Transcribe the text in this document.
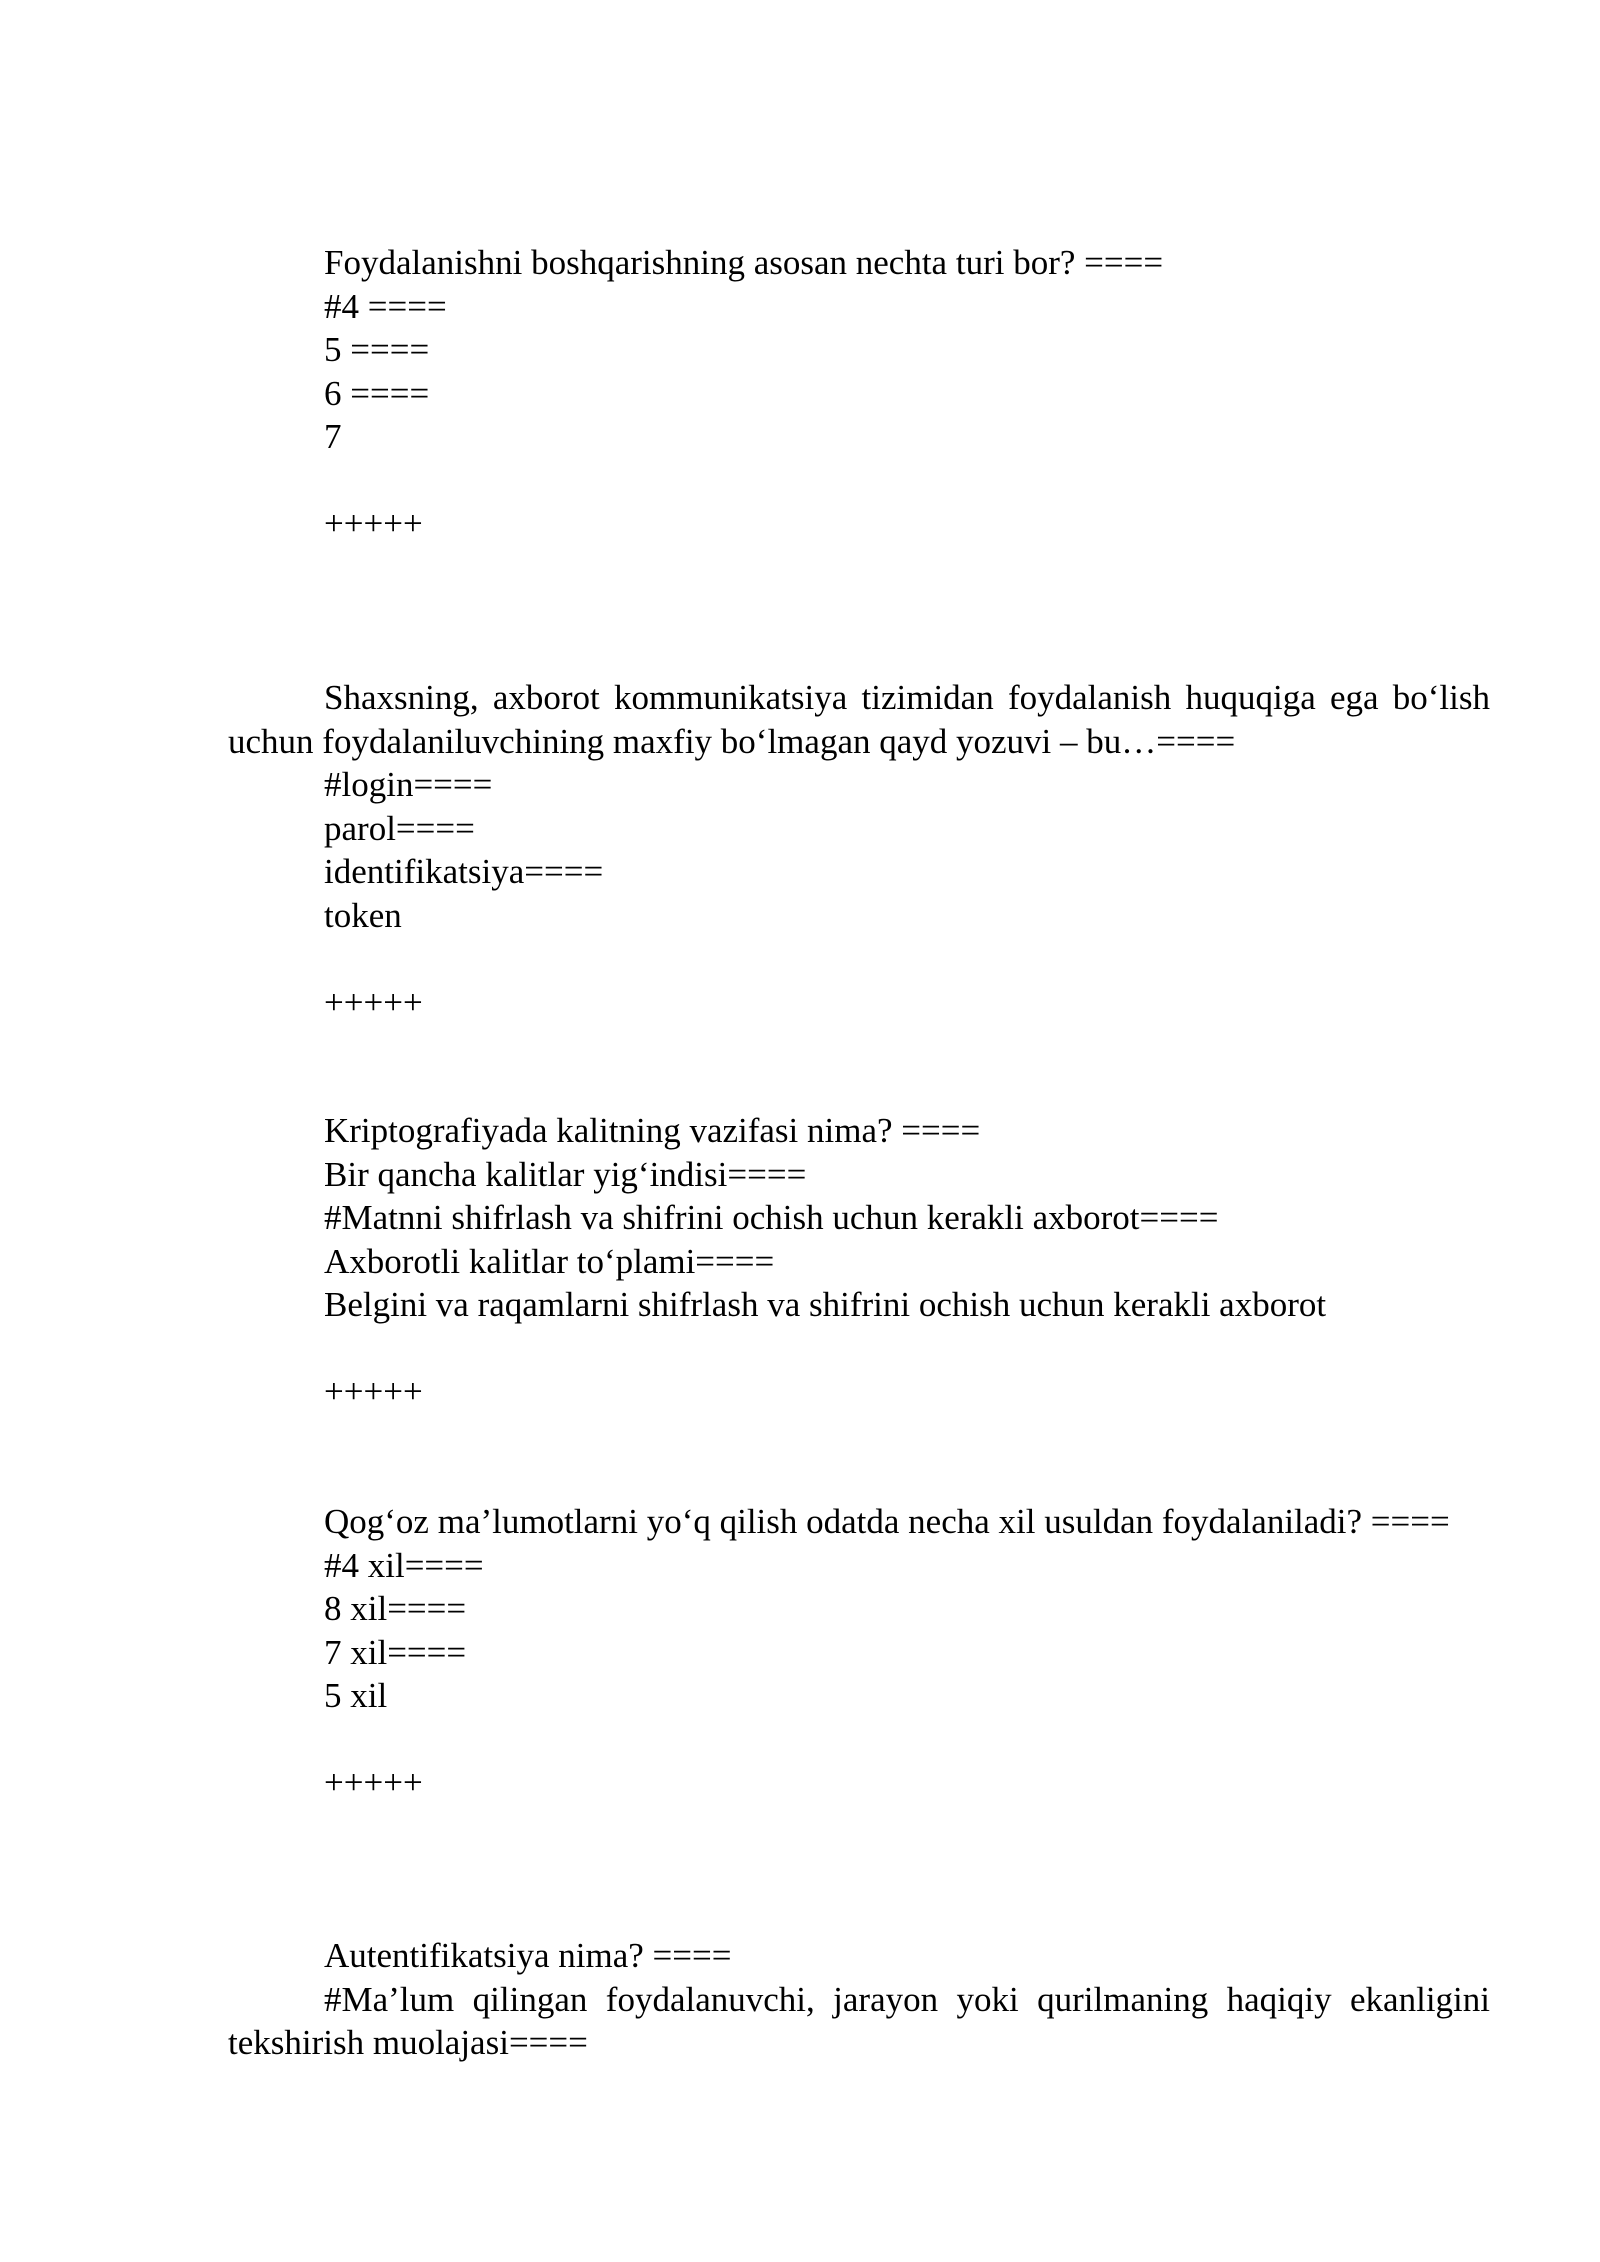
Foydalanishni boshqarishning asosan nechta turi bor? ====

#4 ====

5 ====

6 ====

7

+++++

Shaxsning, axborot kommunikatsiya tizimidan foydalanish huquqiga ega bo‘lish uchun foydalaniluvchining maxfiy bo‘lmagan qayd yozuvi – bu…====

#login====

parol====

identifikatsiya====

token

+++++

Kriptografiyada kalitning vazifasi nima? ====

Bir qancha kalitlar yig‘indisi====

#Matnni shifrlash va shifrini ochish uchun kerakli axborot====

Axborotli kalitlar to‘plami====

Belgini va raqamlarni shifrlash va shifrini ochish uchun kerakli axborot

+++++

Qog‘oz ma’lumotlarni yo‘q qilish odatda necha xil usuldan foydalaniladi? ====

#4 xil====

8 xil====

7 xil====

5 xil

+++++

Autentifikatsiya nima? ====

#Ma’lum qilingan foydalanuvchi, jarayon yoki qurilmaning haqiqiy ekanligini tekshirish muolajasi====
